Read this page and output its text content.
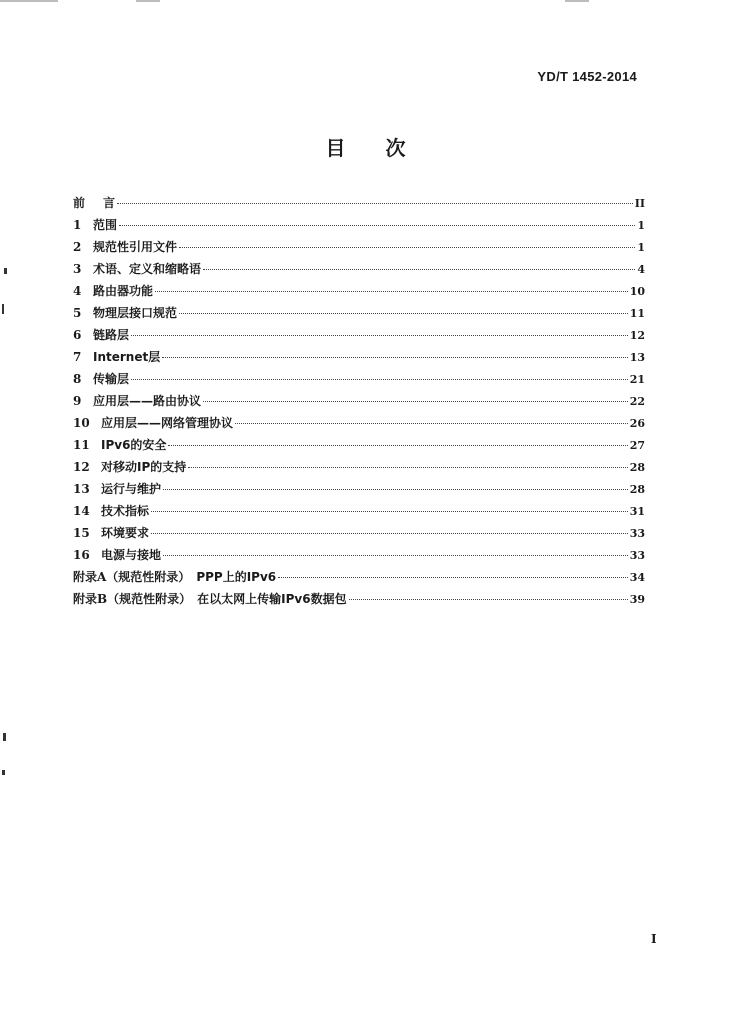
YD/T 1452-2014
目 次
前	言	II
1 范围	1
2 规范性引用文件	1
3 术语、定义和缩略语	4
4 路由器功能	10
5 物理层接口规范	11
6 链路层	12
7 Internet层	13
8 传输层	21
9 应用层——路由协议	22
10 应用层——网络管理协议	26
11 IPv6的安全	27
12 对移动IP的支持	28
13 运行与维护	28
14 技术指标	31
15 环境要求	33
16 电源与接地	33
附录A（规范性附录） PPP上的IPv6	34
附录B（规范性附录） 在以太网上传输IPv6数据包	39
I
